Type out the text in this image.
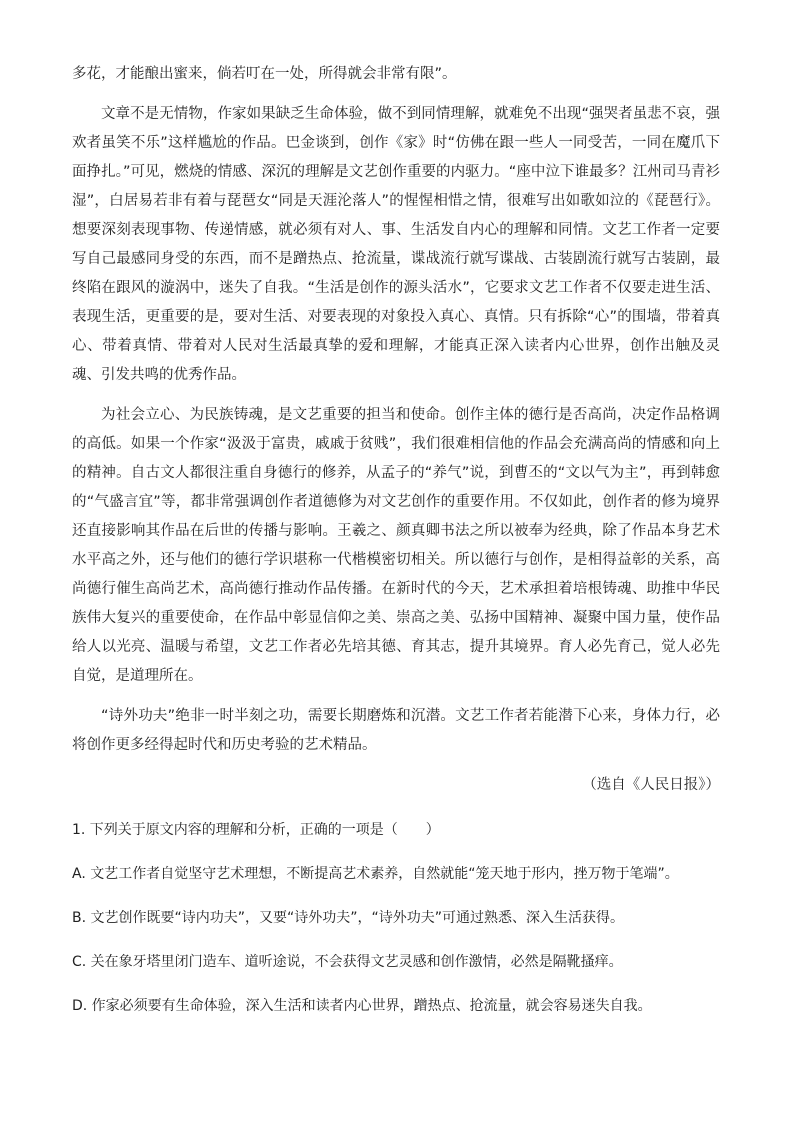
多花，才能酿出蜜来，倘若叮在一处，所得就会非常有限”。

文章不是无情物，作家如果缺乏生命体验，做不到同情理解，就难免不出现“强哭者虽悲不哀，强欢者虽笑不乐”这样尴尬的作品。巴金谈到，创作《家》时“仿佛在跟一些人一同受苦，一同在魔爪下面挣扎。”可见，燃烧的情感、深沉的理解是文艺创作重要的内驱力。“座中泣下谁最多？江州司马青衫湿”，白居易若非有着与琵琶女“同是天涯沦落人”的惺惺相惜之情，很难写出如歌如泣的《琵琶行》。想要深刻表现事物、传递情感，就必须有对人、事、生活发自内心的理解和同情。文艺工作者一定要写自己最感同身受的东西，而不是蹭热点、抢流量，谍战流行就写谍战、古装剧流行就写古装剧，最终陷在跟风的漩涡中，迷失了自我。“生活是创作的源头活水”，它要求文艺工作者不仅要走进生活、表现生活，更重要的是，要对生活、对要表现的对象投入真心、真情。只有拆除“心”的围墙，带着真心、带着真情、带着对人民对生活最真挚的爱和理解，才能真正深入读者内心世界，创作出触及灵魂、引发共鸣的优秀作品。

为社会立心、为民族铸魂，是文艺重要的担当和使命。创作主体的德行是否高尚，决定作品格调的高低。如果一个作家“汲汲于富贵，戚戚于贫贱”，我们很难相信他的作品会充满高尚的情感和向上的精神。自古文人都很注重自身德行的修养，从孟子的“养气”说，到曹丕的“文以气为主”，再到韩愈的“气盛言宜”等，都非常强调创作者道德修为对文艺创作的重要作用。不仅如此，创作者的修为境界还直接影响其作品在后世的传播与影响。王羲之、颜真卿书法之所以被奉为经典，除了作品本身艺术水平高之外，还与他们的德行学识堪称一代楷模密切相关。所以德行与创作，是相得益彰的关系，高尚德行催生高尚艺术，高尚德行推动作品传播。在新时代的今天，艺术承担着培根铸魂、助推中华民族伟大复兴的重要使命，在作品中彰显信仰之美、崇高之美、弘扬中国精神、凝聚中国力量，使作品给人以光亮、温暖与希望，文艺工作者必先培其德、育其志，提升其境界。育人必先育己，觉人必先自觉，是道理所在。

“诗外功夫”绝非一时半刻之功，需要长期磨炼和沉潜。文艺工作者若能潜下心来，身体力行，必将创作更多经得起时代和历史考验的艺术精品。

（选自《人民日报》）
1. 下列关于原文内容的理解和分析，正确的一项是（　　）
A. 文艺工作者自觉坚守艺术理想，不断提高艺术素养，自然就能“笼天地于形内，挫万物于笔端”。
B. 文艺创作既要“诗内功夫”，又要“诗外功夫”，“诗外功夫”可通过熟悉、深入生活获得。
C. 关在象牙塔里闭门造车、道听途说，不会获得文艺灵感和创作激情，必然是隔靴搔痒。
D. 作家必须要有生命体验，深入生活和读者内心世界，蹭热点、抢流量，就会容易迷失自我。
